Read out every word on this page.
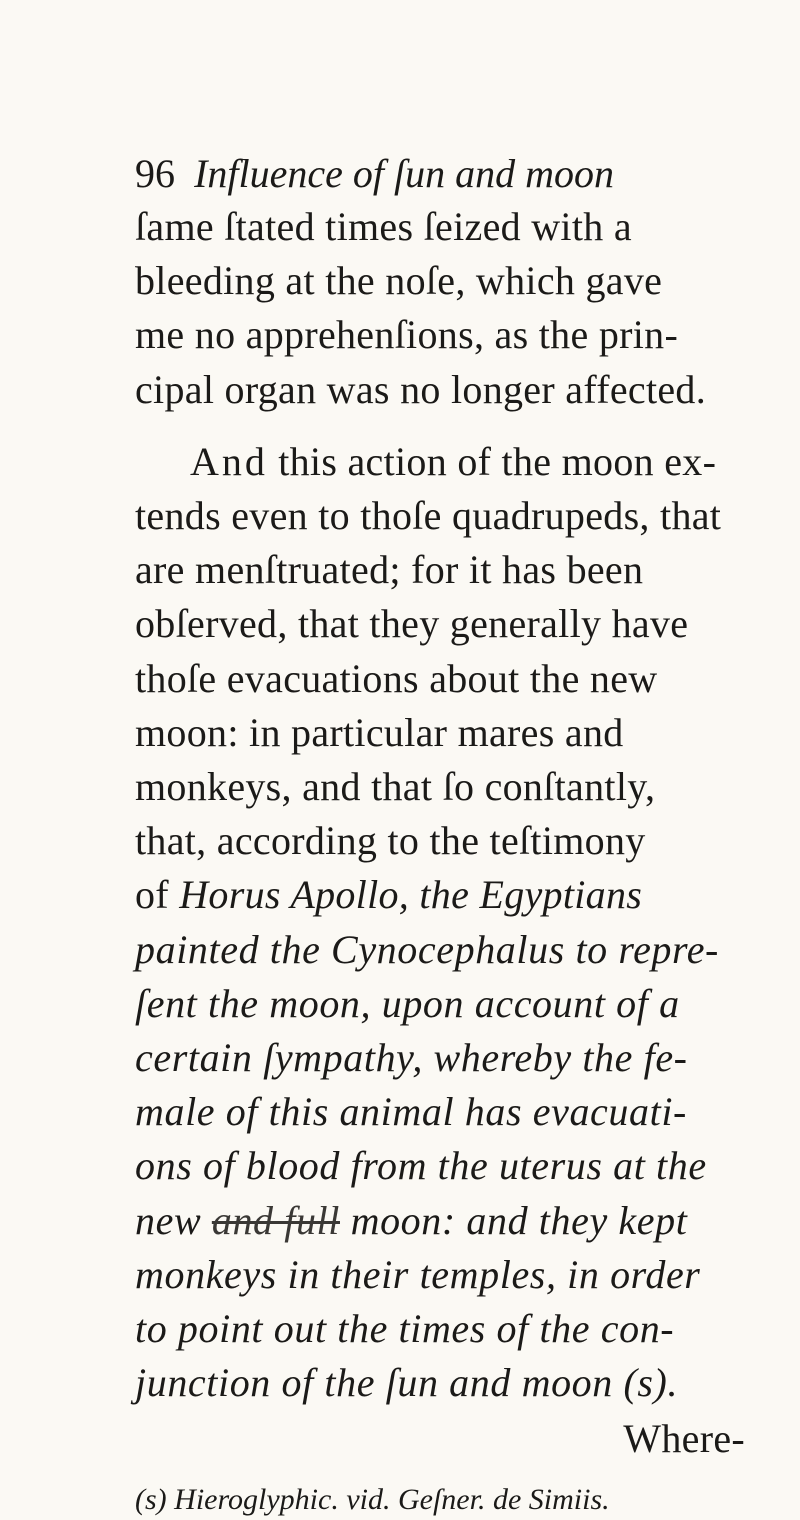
96 Influence of ſun and moon
ſame ſtated times ſeized with a
bleeding at the noſe, which gave
me no apprehenſions, as the prin-
cipal organ was no longer affected.
And this action of the moon ex-
tends even to thoſe quadrupeds, that
are menſtruated; for it has been
obſerved, that they generally have
thoſe evacuations about the new
moon: in particular mares and
monkeys, and that ſo conſtantly,
that, according to the teſtimony
of Horus Apollo, the Egyptians
painted the Cynocephalus to repre-
ſent the moon, upon account of a
certain ſympathy, whereby the fe-
male of this animal has evacuati-
ons of blood from the uterus at the
new and full moon: and they kept
monkeys in their temples, in order
to point out the times of the con-
junction of the ſun and moon (s).
Where-
(s) Hieroglyphic. vid. Geſner. de Simiis.
